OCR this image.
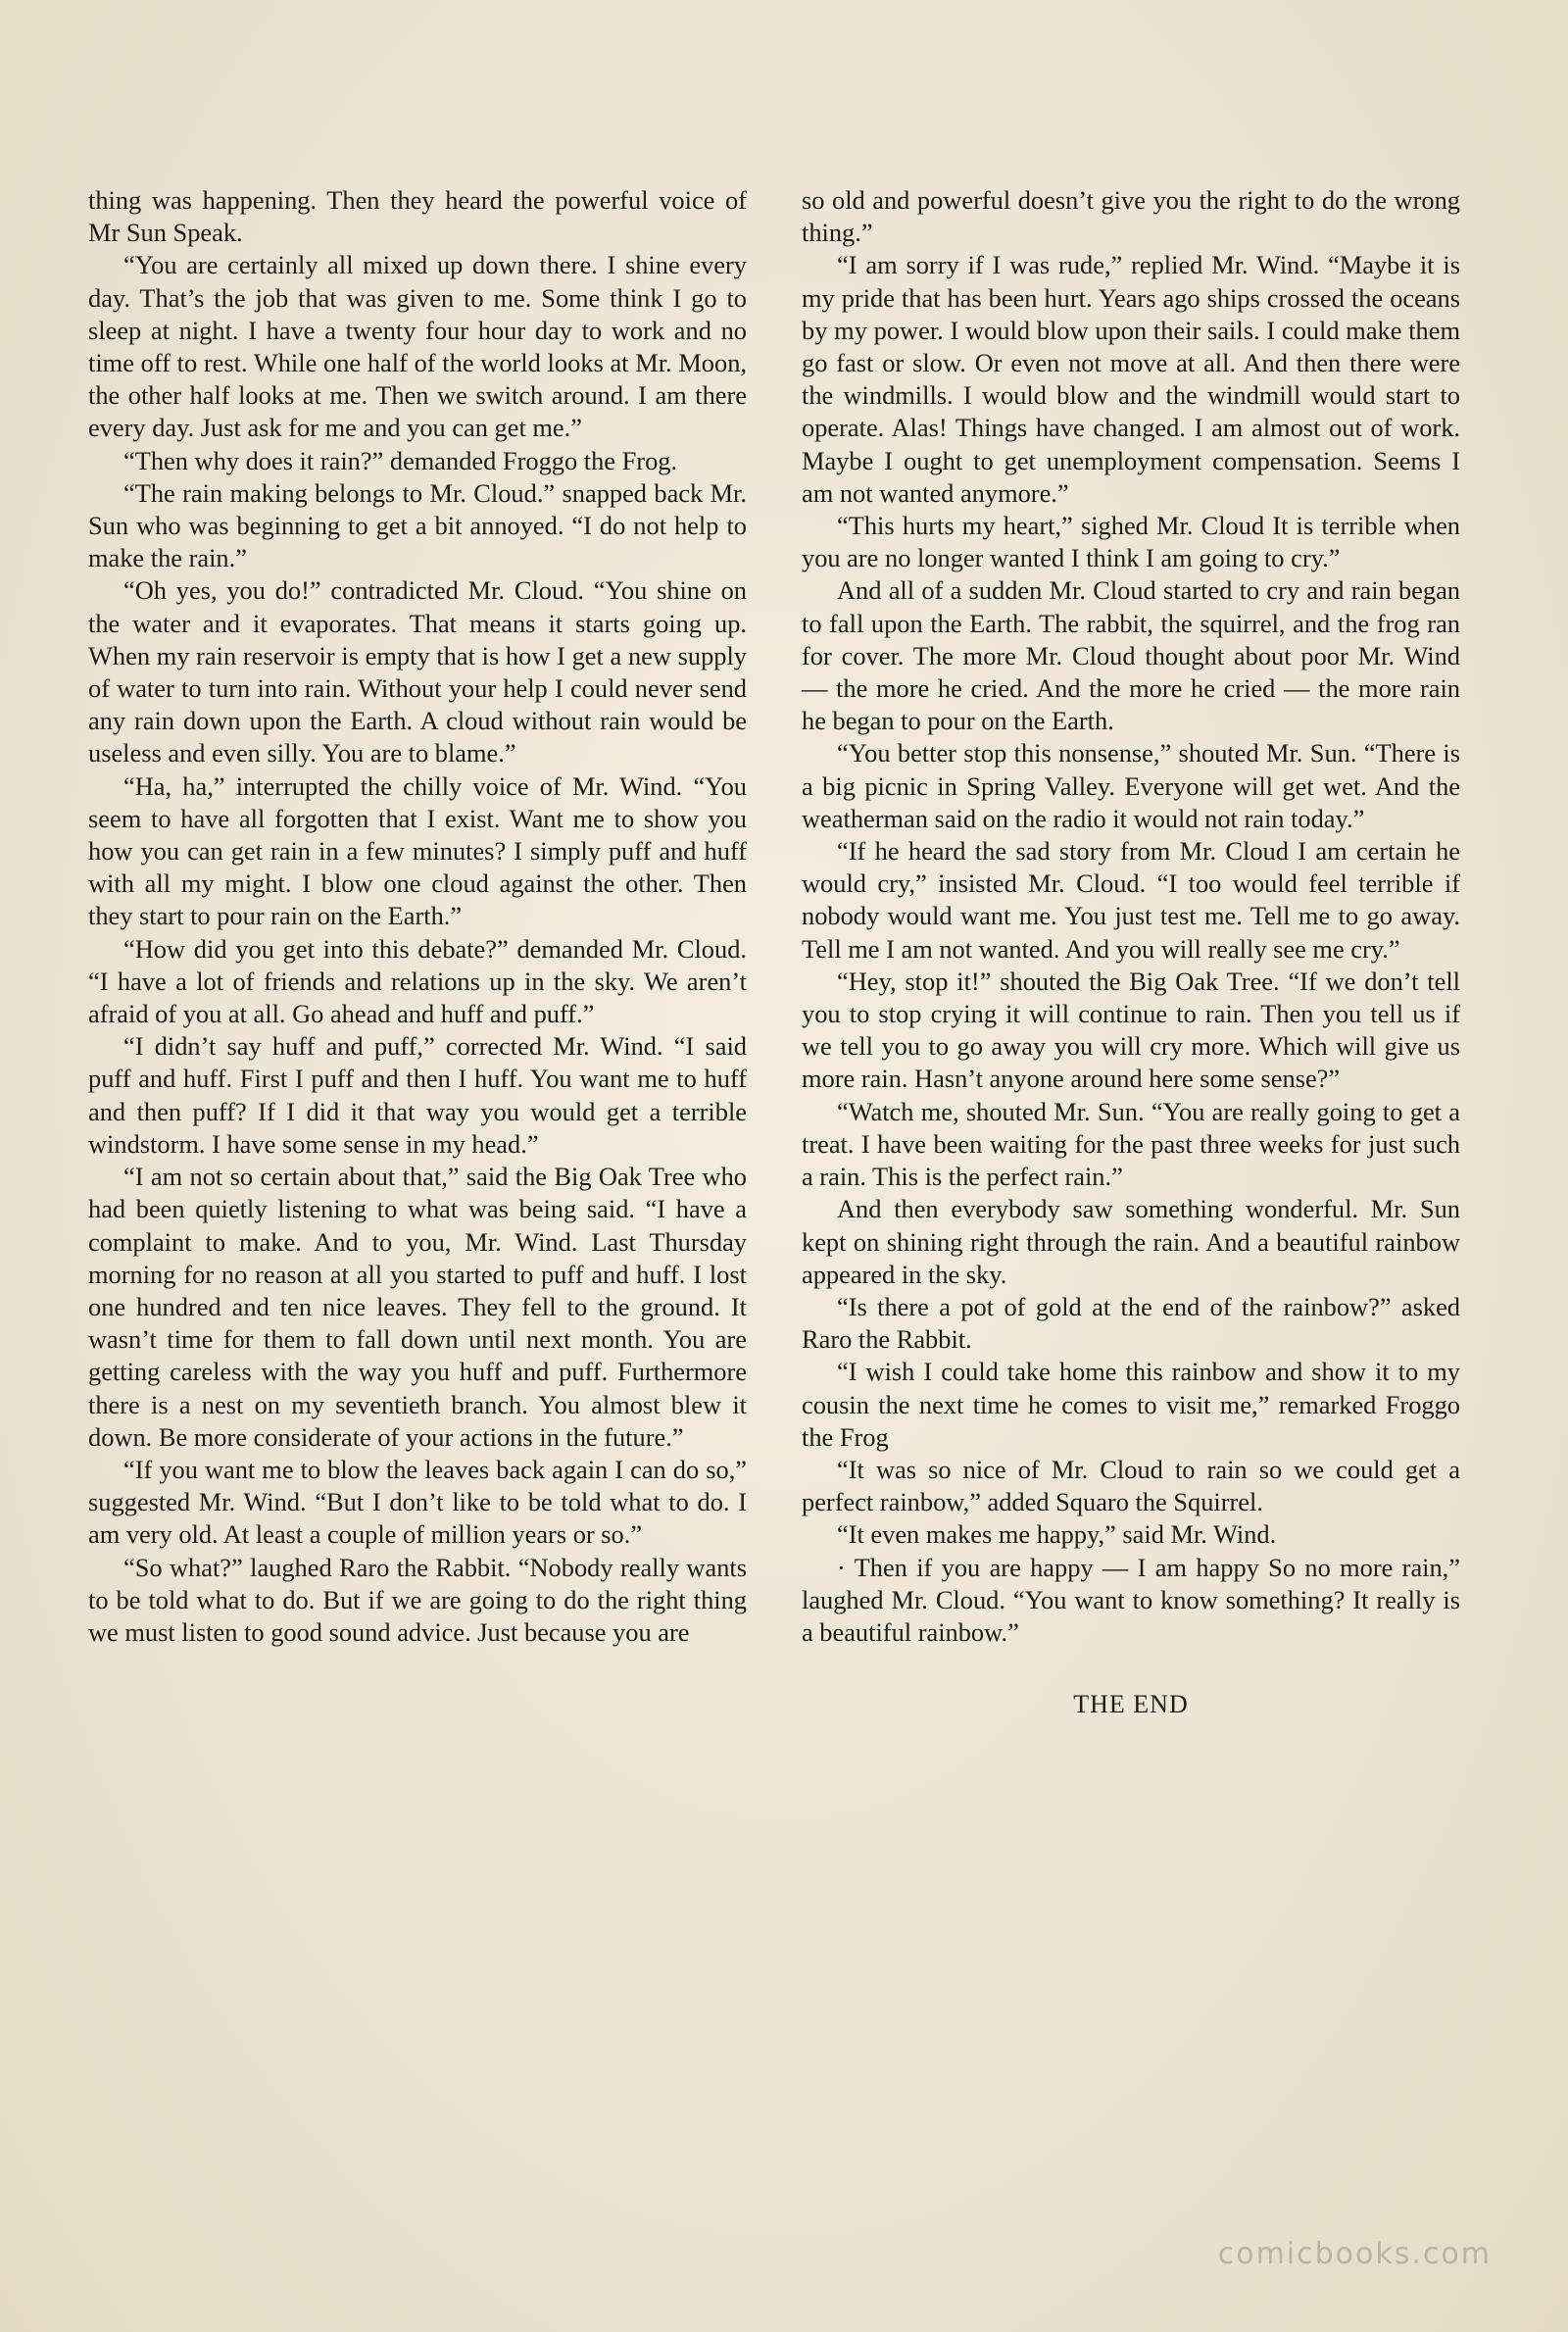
thing was happening. Then they heard the powerful voice of Mr Sun Speak.

“You are certainly all mixed up down there. I shine every day. That’s the job that was given to me. Some think I go to sleep at night. I have a twenty four hour day to work and no time off to rest. While one half of the world looks at Mr. Moon, the other half looks at me. Then we switch around. I am there every day. Just ask for me and you can get me.”

“Then why does it rain?” demanded Froggo the Frog.

“The rain making belongs to Mr. Cloud.” snapped back Mr. Sun who was beginning to get a bit annoyed. “I do not help to make the rain.”

“Oh yes, you do!” contradicted Mr. Cloud. “You shine on the water and it evaporates. That means it starts going up. When my rain reservoir is empty that is how I get a new supply of water to turn into rain. Without your help I could never send any rain down upon the Earth. A cloud without rain would be useless and even silly. You are to blame.”

“Ha, ha,” interrupted the chilly voice of Mr. Wind. “You seem to have all forgotten that I exist. Want me to show you how you can get rain in a few minutes? I simply puff and huff with all my might. I blow one cloud against the other. Then they start to pour rain on the Earth.”

“How did you get into this debate?” demanded Mr. Cloud. “I have a lot of friends and relations up in the sky. We aren’t afraid of you at all. Go ahead and huff and puff.”

“I didn’t say huff and puff,” corrected Mr. Wind. “I said puff and huff. First I puff and then I huff. You want me to huff and then puff? If I did it that way you would get a terrible windstorm. I have some sense in my head.”

“I am not so certain about that,” said the Big Oak Tree who had been quietly listening to what was being said. “I have a complaint to make. And to you, Mr. Wind. Last Thursday morning for no reason at all you started to puff and huff. I lost one hundred and ten nice leaves. They fell to the ground. It wasn’t time for them to fall down until next month. You are getting careless with the way you huff and puff. Furthermore there is a nest on my seventieth branch. You almost blew it down. Be more considerate of your actions in the future.”

“If you want me to blow the leaves back again I can do so,” suggested Mr. Wind. “But I don’t like to be told what to do. I am very old. At least a couple of million years or so.”

“So what?” laughed Raro the Rabbit. “Nobody really wants to be told what to do. But if we are going to do the right thing we must listen to good sound advice. Just because you are

so old and powerful doesn’t give you the right to do the wrong thing.”

“I am sorry if I was rude,” replied Mr. Wind. “Maybe it is my pride that has been hurt. Years ago ships crossed the oceans by my power. I would blow upon their sails. I could make them go fast or slow. Or even not move at all. And then there were the windmills. I would blow and the windmill would start to operate. Alas! Things have changed. I am almost out of work. Maybe I ought to get unemployment compensation. Seems I am not wanted anymore.”

“This hurts my heart,” sighed Mr. Cloud It is terrible when you are no longer wanted I think I am going to cry.”

And all of a sudden Mr. Cloud started to cry and rain began to fall upon the Earth. The rabbit, the squirrel, and the frog ran for cover. The more Mr. Cloud thought about poor Mr. Wind — the more he cried. And the more he cried — the more rain he began to pour on the Earth.

“You better stop this nonsense,” shouted Mr. Sun. “There is a big picnic in Spring Valley. Everyone will get wet. And the weatherman said on the radio it would not rain today.”

“If he heard the sad story from Mr. Cloud I am certain he would cry,” insisted Mr. Cloud. “I too would feel terrible if nobody would want me. You just test me. Tell me to go away. Tell me I am not wanted. And you will really see me cry.”

“Hey, stop it!” shouted the Big Oak Tree. “If we don’t tell you to stop crying it will continue to rain. Then you tell us if we tell you to go away you will cry more. Which will give us more rain. Hasn’t anyone around here some sense?”

“Watch me, shouted Mr. Sun. “You are really going to get a treat. I have been waiting for the past three weeks for just such a rain. This is the perfect rain.”

And then everybody saw something wonderful. Mr. Sun kept on shining right through the rain. And a beautiful rainbow appeared in the sky.

“Is there a pot of gold at the end of the rainbow?” asked Raro the Rabbit.

“I wish I could take home this rainbow and show it to my cousin the next time he comes to visit me,” remarked Froggo the Frog

“It was so nice of Mr. Cloud to rain so we could get a perfect rainbow,” added Squaro the Squirrel.

“It even makes me happy,” said Mr. Wind.

· Then if you are happy — I am happy So no more rain,” laughed Mr. Cloud. “You want to know something? It really is a beautiful rainbow.”

THE END

comicbooks.com
